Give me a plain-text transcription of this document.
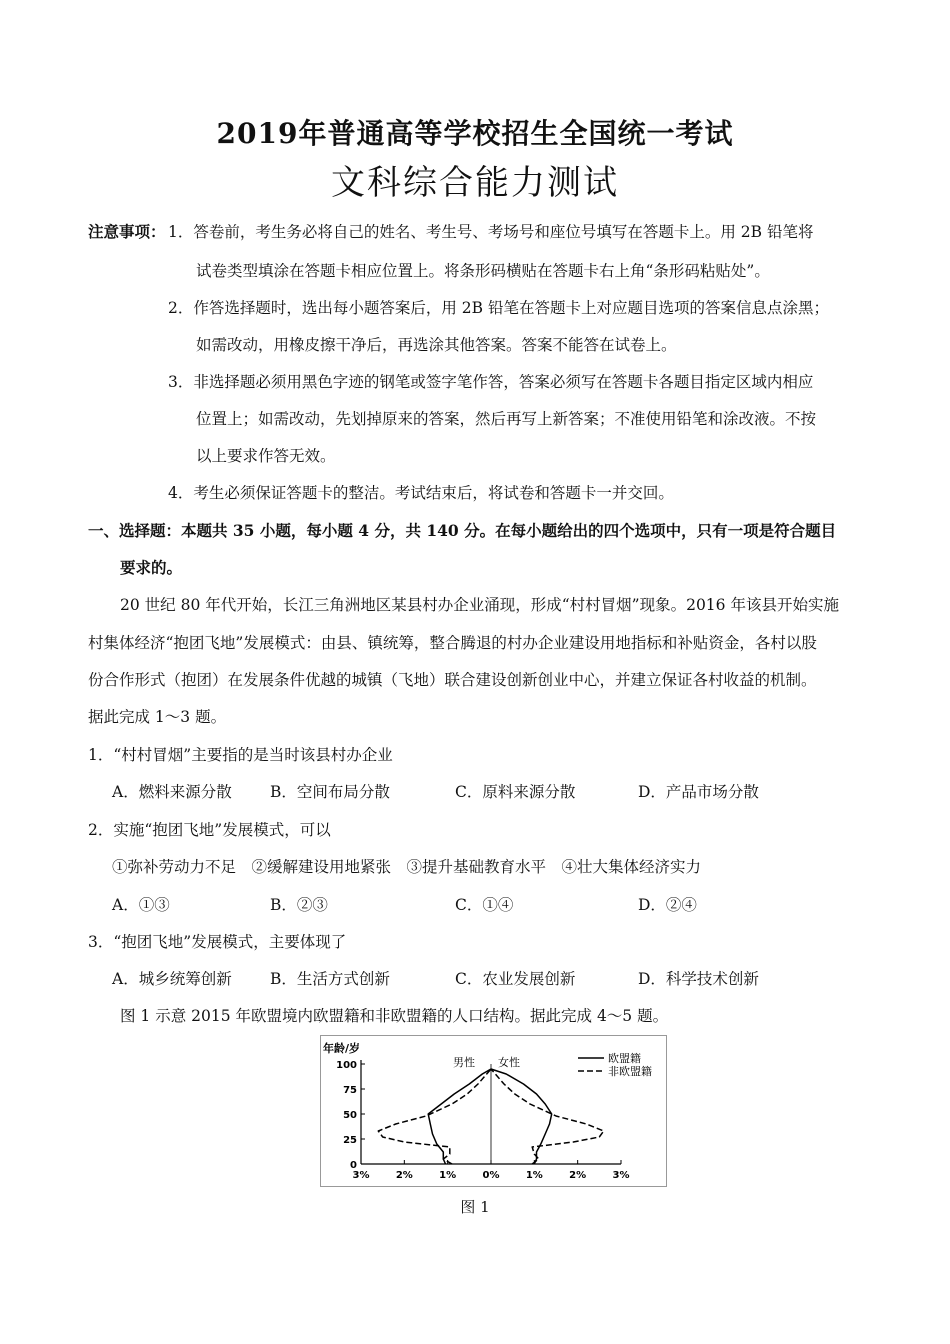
2019年普通高等学校招生全国统一考试
文科综合能力测试
注意事项： 1．答卷前，考生务必将自己的姓名、考生号、考场号和座位号填写在答题卡上。用 2B 铅笔将
试卷类型填涂在答题卡相应位置上。将条形码横贴在答题卡右上角“条形码粘贴处”。
2．作答选择题时，选出每小题答案后，用 2B 铅笔在答题卡上对应题目选项的答案信息点涂黑；
如需改动，用橡皮擦干净后，再选涂其他答案。答案不能答在试卷上。
3．非选择题必须用黑色字迹的钢笔或签字笔作答，答案必须写在答题卡各题目指定区域内相应
位置上；如需改动，先划掉原来的答案，然后再写上新答案；不准使用铅笔和涂改液。不按
以上要求作答无效。
4．考生必须保证答题卡的整洁。考试结束后，将试卷和答题卡一并交回。
一、选择题：本题共 35 小题，每小题 4 分，共 140 分。在每小题给出的四个选项中，只有一项是符合题目
要求的。
20 世纪 80 年代开始，长江三角洲地区某县村办企业涌现，形成“村村冒烟”现象。2016 年该县开始实施
村集体经济“抱团飞地”发展模式：由县、镇统筹，整合腾退的村办企业建设用地指标和补贴资金，各村以股
份合作形式（抱团）在发展条件优越的城镇（飞地）联合建设创新创业中心，并建立保证各村收益的机制。
据此完成 1～3 题。
1．“村村冒烟”主要指的是当时该县村办企业
A．燃料来源分散 B．空间布局分散	C．原料来源分散	D．产品市场分散
2．实施“抱团飞地”发展模式，可以
①弥补劳动力不足　②缓解建设用地紧张　③提升基础教育水平　④壮大集体经济实力
A．①③	B．②③	C．①④	D．②④
3．“抱团飞地”发展模式，主要体现了
A．城乡统筹创新 B．生活方式创新	C．农业发展创新	D．科学技术创新
图 1 示意 2015 年欧盟境内欧盟籍和非欧盟籍的人口结构。据此完成 4～5 题。
0
25
50
75
100
3%	2%	1%	0%	1%	2%	3%
年龄/岁
男性 女性	欧盟籍
非欧盟籍
图 1
